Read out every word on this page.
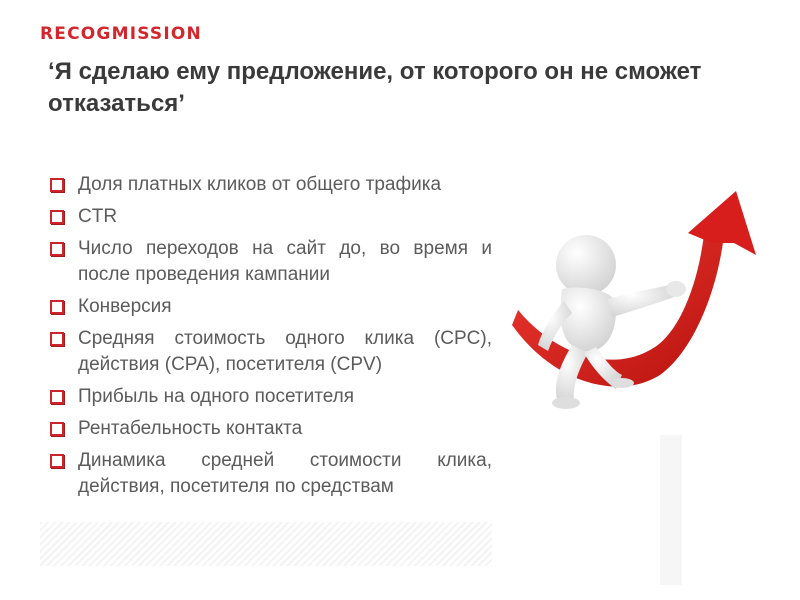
RECOGMISSION
‘Я сделаю ему предложение, от которого он не сможет отказаться’
Доля платных кликов от общего трафика
CTR
Число переходов на сайт до, во время и после проведения кампании
Конверсия
Средняя стоимость одного клика (CPC), действия (CPA), посетителя (CPV)
Прибыль на одного посетителя
Рентабельность контакта
Динамика средней стоимости клика, действия, посетителя по средствам
